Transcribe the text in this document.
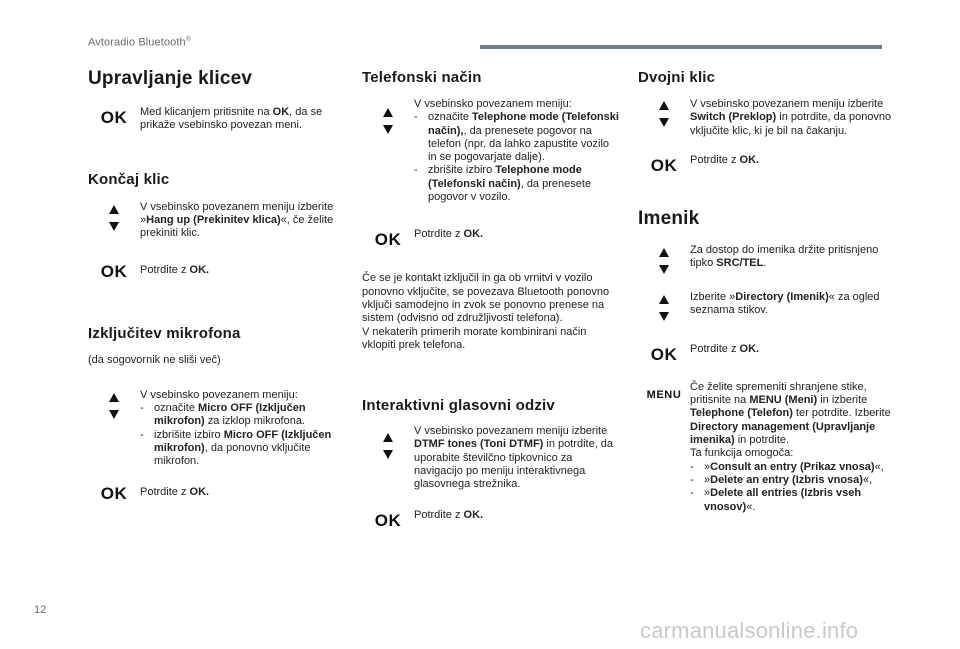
Avtoradio Bluetooth®
Upravljanje klicev
OK Med klicanjem pritisnite na OK, da se prikaže vsebinsko povezan meni.
Končaj klic
V vsebinsko povezanem meniju izberite »Hang up (Prekinitev klica)«, če želite prekiniti klic.
OK Potrdite z OK.
Izključitev mikrofona
(da sogovornik ne sliši več)
V vsebinsko povezanem meniju:
- označite Micro OFF (Izključen mikrofon) za izklop mikrofona.
- izbrišite izbiro Micro OFF (Izključen mikrofon), da ponovno vključite mikrofon.
OK Potrdite z OK.
Telefonski način
V vsebinsko povezanem meniju:
- označite Telephone mode (Telefonski način),, da prenesete pogovor na telefon (npr. da lahko zapustite vozilo in se pogovarjate dalje).
- zbrišite izbiro Telephone mode (Telefonski način), da prenesete pogovor v vozilo.
OK Potrdite z OK.
Če se je kontakt izključil in ga ob vrnitvi v vozilo ponovno vključite, se povezava Bluetooth ponovno vključi samodejno in zvok se ponovno prenese na sistem (odvisno od združljivosti telefona).
V nekaterih primerih morate kombinirani način vklopiti prek telefona.
Interaktivni glasovni odziv
V vsebinsko povezanem meniju izberite DTMF tones (Toni DTMF) in potrdite, da uporabite številčno tipkovnico za navigacijo po meniju interaktivnega glasovnega strežnika.
OK Potrdite z OK.
Dvojni klic
V vsebinsko povezanem meniju izberite Switch (Preklop) in potrdite, da ponovno vključite klic, ki je bil na čakanju.
OK Potrdite z OK.
Imenik
Za dostop do imenika držite pritisnjeno tipko SRC/TEL.
Izberite »Directory (Imenik)« za ogled seznama stikov.
OK Potrdite z OK.
MENU
Če želite spremeniti shranjene stike, pritisnite na MENU (Meni) in izberite Telephone (Telefon) ter potrdite. Izberite Directory management (Upravljanje imenika) in potrdite.
Ta funkcija omogoča:
- »Consult an entry (Prikaz vnosa)«,
- »Delete an entry (Izbris vnosa)«,
- »Delete all entries (Izbris vseh vnosov)«.
12
carmanualsonline.info
